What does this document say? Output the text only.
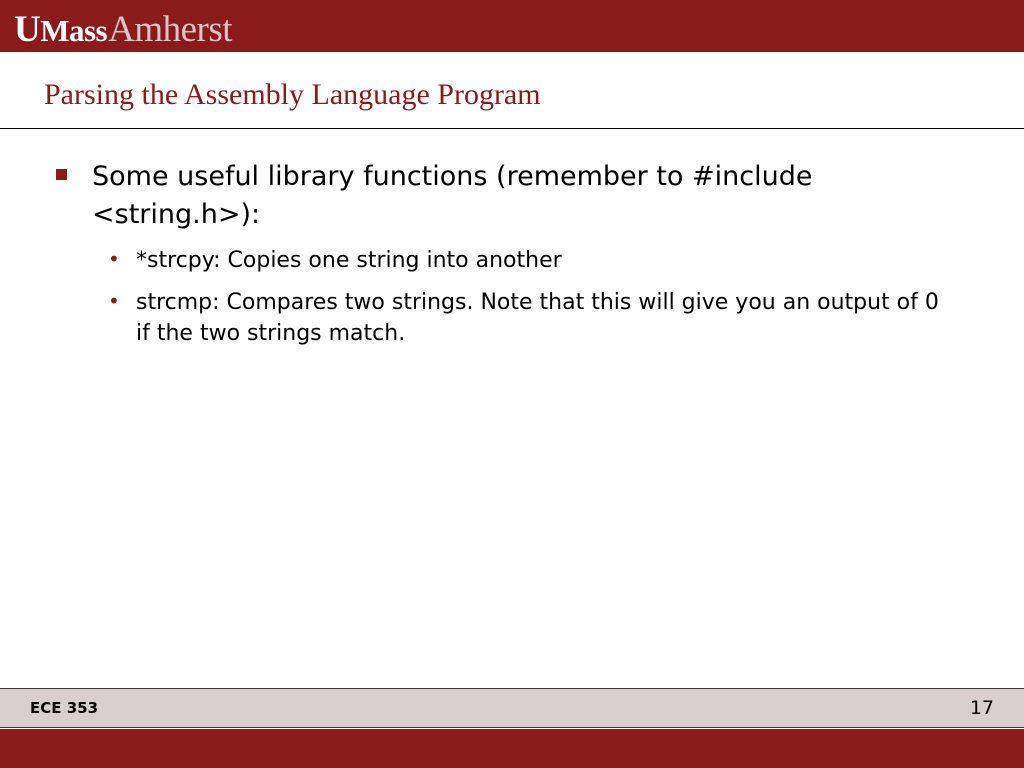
U Mass Amherst
Parsing the Assembly Language Program
Some useful library functions (remember to #include <string.h>):
• *strcpy: Copies one string into another
• strcmp: Compares two strings. Note that this will give you an output of 0 if the two strings match.
ECE 353	17
